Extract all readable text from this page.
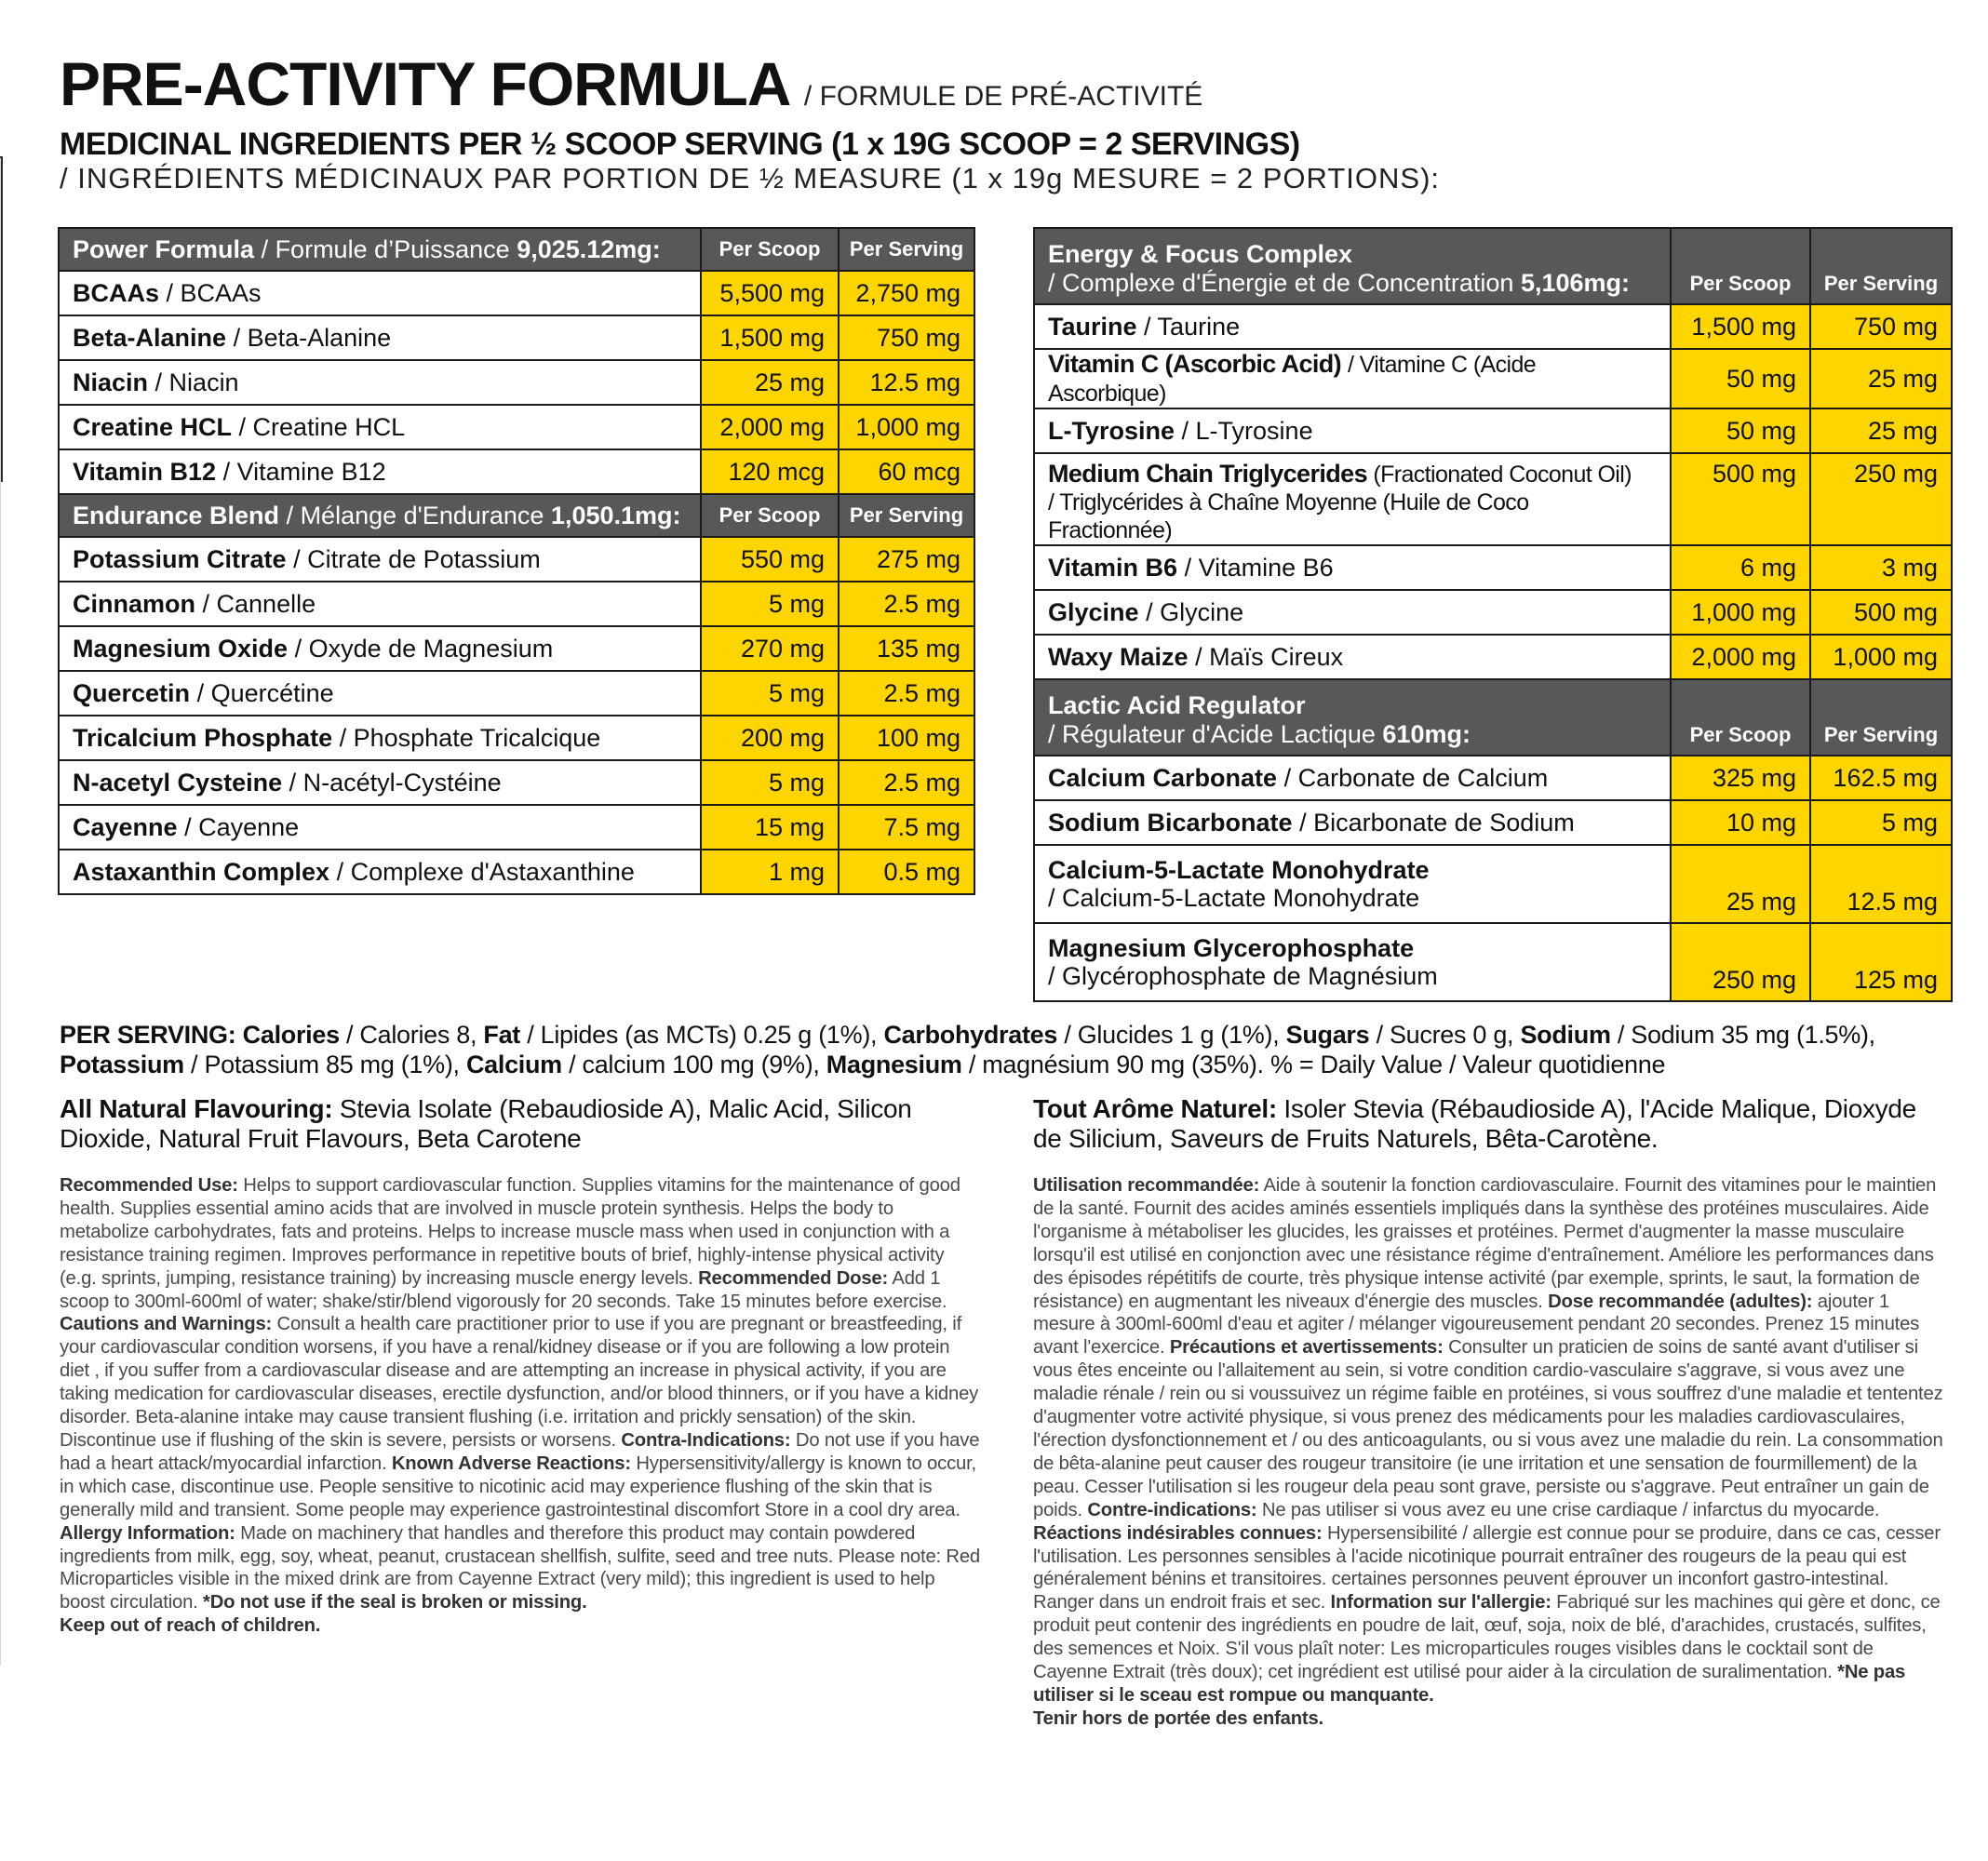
PRE-ACTIVITY FORMULA / FORMULE DE PRÉ-ACTIVITÉ
MEDICINAL INGREDIENTS PER ½ SCOOP SERVING (1 x 19G SCOOP = 2 SERVINGS)
/ INGRÉDIENTS MÉDICINAUX PAR PORTION DE ½ MEASURE (1 x 19g MESURE = 2 PORTIONS):
Power Formula / Formule d’Puissance 9,025.12mg:	Per Scoop	Per Serving
BCAAs / BCAAs	5,500 mg	2,750 mg
Beta-Alanine / Beta-Alanine	1,500 mg	750 mg
Niacin / Niacin	25 mg	12.5 mg
Creatine HCL / Creatine HCL	2,000 mg	1,000 mg
Vitamin B12 / Vitamine B12	120 mcg	60 mcg
Endurance Blend / Mélange d'Endurance 1,050.1mg:	Per Scoop	Per Serving
Potassium Citrate / Citrate de Potassium	550 mg	275 mg
Cinnamon / Cannelle	5 mg	2.5 mg
Magnesium Oxide / Oxyde de Magnesium	270 mg	135 mg
Quercetin / Quercétine	5 mg	2.5 mg
Tricalcium Phosphate / Phosphate Tricalcique	200 mg	100 mg
N-acetyl Cysteine / N-acétyl-Cystéine	5 mg	2.5 mg
Cayenne / Cayenne	15 mg	7.5 mg
Astaxanthin Complex / Complexe d'Astaxanthine	1 mg	0.5 mg
Energy & Focus Complex
/ Complexe d'Énergie et de Concentration 5,106mg:	Per Scoop	Per Serving
Taurine / Taurine	1,500 mg	750 mg
Vitamin C (Ascorbic Acid) / Vitamine C (Acide Ascorbique)	50 mg	25 mg
L-Tyrosine / L-Tyrosine	50 mg	25 mg
Medium Chain Triglycerides (Fractionated Coconut Oil)
/ Triglycérides à Chaîne Moyenne (Huile de Coco Fractionnée)	500 mg	250 mg
Vitamin B6 / Vitamine B6	6 mg	3 mg
Glycine / Glycine	1,000 mg	500 mg
Waxy Maize / Maïs Cireux	2,000 mg	1,000 mg
Lactic Acid Regulator
/ Régulateur d'Acide Lactique 610mg:	Per Scoop	Per Serving
Calcium Carbonate / Carbonate de Calcium	325 mg	162.5 mg
Sodium Bicarbonate / Bicarbonate de Sodium	10 mg	5 mg
Calcium-5-Lactate Monohydrate
/ Calcium-5-Lactate Monohydrate	25 mg	12.5 mg
Magnesium Glycerophosphate
/ Glycérophosphate de Magnésium	250 mg	125 mg
PER SERVING: Calories / Calories 8, Fat / Lipides (as MCTs) 0.25 g (1%), Carbohydrates / Glucides 1 g (1%), Sugars / Sucres 0 g, Sodium / Sodium 35 mg (1.5%),
Potassium / Potassium 85 mg (1%), Calcium / calcium 100 mg (9%), Magnesium / magnésium 90 mg (35%). % = Daily Value / Valeur quotidienne
All Natural Flavouring: Stevia Isolate (Rebaudioside A), Malic Acid, Silicon Dioxide, Natural Fruit Flavours, Beta Carotene
Tout Arôme Naturel: Isoler Stevia (Rébaudioside A), l'Acide Malique, Dioxyde de Silicium, Saveurs de Fruits Naturels, Bêta-Carotène.
Recommended Use: Helps to support cardiovascular function. Supplies vitamins for the maintenance of good health. Supplies essential amino acids that are involved in muscle protein synthesis. Helps the body to metabolize carbohydrates, fats and proteins. Helps to increase muscle mass when used in conjunction with a resistance training regimen. Improves performance in repetitive bouts of brief, highly-intense physical activity (e.g. sprints, jumping, resistance training) by increasing muscle energy levels. Recommended Dose: Add 1 scoop to 300ml-600ml of water; shake/stir/blend vigorously for 20 seconds. Take 15 minutes before exercise.
Cautions and Warnings: Consult a health care practitioner prior to use if you are pregnant or breastfeeding, if your cardiovascular condition worsens, if you have a renal/kidney disease or if you are following a low protein diet , if you suffer from a cardiovascular disease and are attempting an increase in physical activity, if you are taking medication for cardiovascular diseases, erectile dysfunction, and/or blood thinners, or if you have a kidney disorder. Beta-alanine intake may cause transient flushing (i.e. irritation and prickly sensation) of the skin. Discontinue use if flushing of the skin is severe, persists or worsens. Contra-Indications: Do not use if you have had a heart attack/myocardial infarction. Known Adverse Reactions: Hypersensitivity/allergy is known to occur, in which case, discontinue use. People sensitive to nicotinic acid may experience flushing of the skin that is generally mild and transient. Some people may experience gastrointestinal discomfort Store in a cool dry area. Allergy Information: Made on machinery that handles and therefore this product may contain powdered ingredients from milk, egg, soy, wheat, peanut, crustacean shellfish, sulfite, seed and tree nuts. Please note: Red Microparticles visible in the mixed drink are from Cayenne Extract (very mild); this ingredient is used to help boost circulation. *Do not use if the seal is broken or missing.
Keep out of reach of children.
Utilisation recommandée: Aide à soutenir la fonction cardiovasculaire. Fournit des vitamines pour le maintien de la santé. Fournit des acides aminés essentiels impliqués dans la synthèse des protéines musculaires. Aide l'organisme à métaboliser les glucides, les graisses et protéines. Permet d'augmenter la masse musculaire lorsqu'il est utilisé en conjonction avec une résistance régime d'entraînement. Améliore les performances dans des épisodes répétitifs de courte, très physique intense activité (par exemple, sprints, le saut, la formation de résistance) en augmentant les niveaux d'énergie des muscles. Dose recommandée (adultes): ajouter 1 mesure à 300ml-600ml d'eau et agiter / mélanger vigoureusement pendant 20 secondes. Prenez 15 minutes avant l'exercice. Précautions et avertissements: Consulter un praticien de soins de santé avant d'utiliser si vous êtes enceinte ou l'allaitement au sein, si votre condition cardio-vasculaire s'aggrave, si vous avez une maladie rénale / rein ou si voussuivez un régime faible en protéines, si vous souffrez d'une maladie et tententez d'augmenter votre activité physique, si vous prenez des médicaments pour les maladies cardiovasculaires, l'érection dysfonctionnement et / ou des anticoagulants, ou si vous avez une maladie du rein. La consommation de bêta-alanine peut causer des rougeur transitoire (ie une irritation et une sensation de fourmillement) de la peau. Cesser l'utilisation si les rougeur dela peau sont grave, persiste ou s'aggrave. Peut entraîner un gain de poids. Contre-indications: Ne pas utiliser si vous avez eu une crise cardiaque / infarctus du myocarde. Réactions indésirables connues: Hypersensibilité / allergie est connue pour se produire, dans ce cas, cesser l'utilisation. Les personnes sensibles à l'acide nicotinique pourrait entraîner des rougeurs de la peau qui est généralement bénins et transitoires. certaines personnes peuvent éprouver un inconfort gastro-intestinal. Ranger dans un endroit frais et sec. Information sur l'allergie: Fabriqué sur les machines qui gère et donc, ce produit peut contenir des ingrédients en poudre de lait, œuf, soja, noix de blé, d'arachides, crustacés, sulfites, des semences et Noix. S'il vous plaît noter: Les microparticules rouges visibles dans le cocktail sont de Cayenne Extrait (très doux); cet ingrédient est utilisé pour aider à la circulation de suralimentation. *Ne pas utiliser si le sceau est rompue ou manquante.
Tenir hors de portée des enfants.
